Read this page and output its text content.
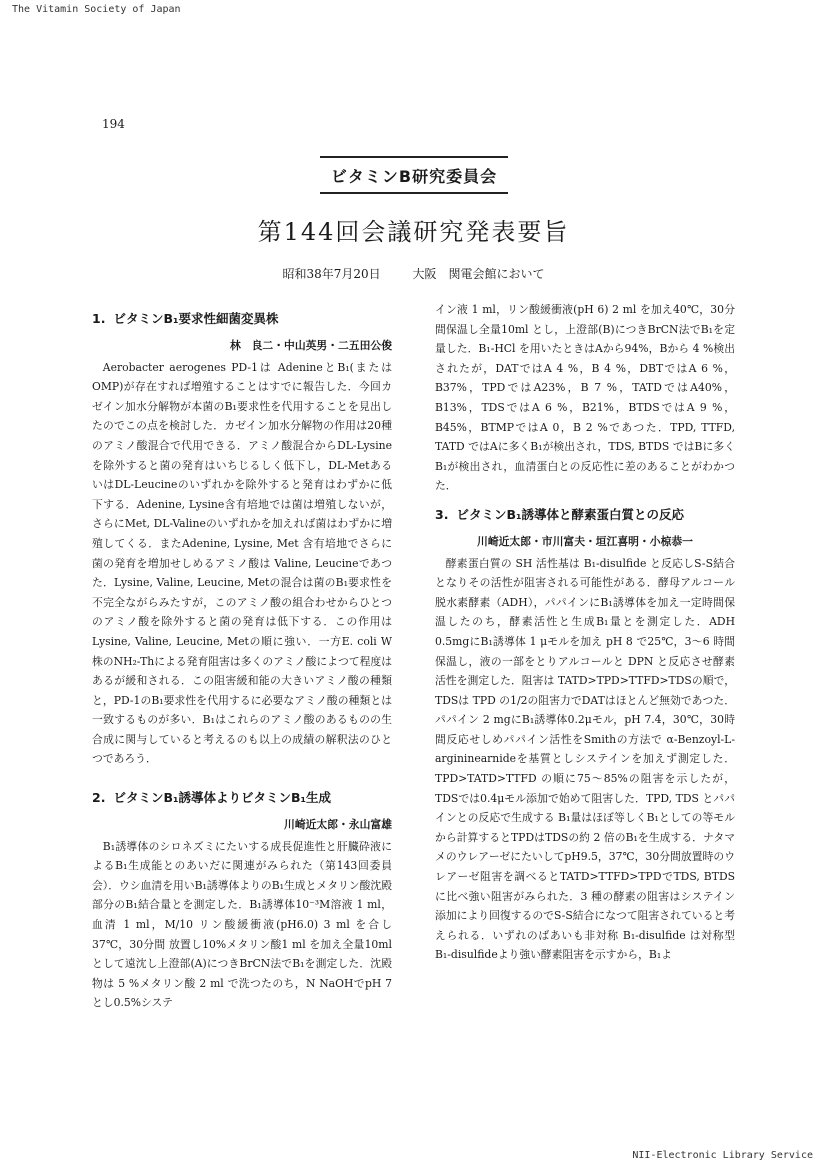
The Vitamin Society of Japan
194
ビタミンB研究委員会
第144回会議研究発表要旨
昭和38年7月20日	大阪　関電会館において
1. ビタミンB₁要求性細菌変異株
林　良二・中山英男・二五田公俊

Aerobacter aerogenes PD-1は AdenineとB₁(またはOMP)が存在すれば増殖することはすでに報告した．今回カゼイン加水分解物が本菌のB₁要求性を代用することを見出したのでこの点を検討した．カゼイン加水分解物の作用は20種のアミノ酸混合で代用できる．アミノ酸混合からDL-Lysineを除外すると菌の発育はいちじるしく低下し，DL-MetあるいはDL-Leucineのいずれかを除外すると発育はわずかに低下する．Adenine, Lysine含有培地では菌は増殖しないが，さらにMet, DL-Valineのいずれかを加えれば菌はわずかに増殖してくる．またAdenine, Lysine, Met 含有培地でさらに菌の発育を増加せしめるアミノ酸は Valine, Leucineであつた．Lysine, Valine, Leucine, Metの混合は菌のB₁要求性を不完全ながらみたすが，このアミノ酸の組合わせからひとつのアミノ酸を除外すると菌の発育は低下する．この作用は Lysine, Valine, Leucine, Metの順に強い．一方E. coli W株のNH₂-Thによる発育阻害は多くのアミノ酸によつて程度はあるが緩和される．この阻害緩和能の大きいアミノ酸の種類と，PD-1のB₁要求性を代用するに必要なアミノ酸の種類とは一致するものが多い．B₁はこれらのアミノ酸のあるものの生合成に関与していると考えるのも以上の成績の解釈法のひとつであろう．

2. ビタミンB₁誘導体よりビタミンB₁生成
川崎近太郎・永山富雄

B₁誘導体のシロネズミにたいする成長促進性と肝臓砕液によるB₁生成能とのあいだに関連がみられた（第143回委員会）．ウシ血清を用いB₁誘導体よりのB₁生成とメタリン酸沈殿部分のB₁結合量とを測定した．B₁誘導体10⁻³M溶液 1 ml，血清 1 ml，M/10 リン酸緩衝液(pH6.0) 3 ml を合し 37℃，30分間 放置し10%メタリン酸1 ml を加え全量10ml として遠沈し上澄部(A)につきBrCN法でB₁を測定した．沈殿物は 5 %メタリン酸 2 ml で洗つたのち，N NaOHでpH 7 とし0.5%システ

イン液 1 ml，リン酸緩衝液(pH 6) 2 ml を加え40℃，30分間保温し全量10ml とし，上澄部(B)につきBrCN法でB₁を定量した．B₁-HCl を用いたときはAから94%，Bから 4 %検出されたが，DATではA 4 %，B 4 %，DBTではA 6 %，B37%，TPDではA23%，B 7 %，TATDではA40%，B13%，TDSではA 6 %，B21%，BTDSではA 9 %，B45%，BTMPではA 0，B 2 %であつた．TPD, TTFD, TATD ではAに多くB₁が検出され，TDS, BTDS ではBに多くB₁が検出され，血清蛋白との反応性に差のあることがわかつた．

3. ビタミンB₁誘導体と酵素蛋白質との反応
川崎近太郎・市川富夫・垣江喜明・小椋恭一

酵素蛋白質の SH 活性基は B₁-disulfide と反応しS-S結合となりその活性が阻害される可能性がある．酵母アルコール脱水素酵素（ADH），パパインにB₁誘導体を加え一定時間保温したのち，酵素活性と生成B₁量とを測定した．ADH 0.5mgにB₁誘導体 1 μモルを加え pH 8 で25℃，3〜6 時間保温し，液の一部をとりアルコールと DPN と反応させ酵素活性を測定した．阻害は TATD>TPD>TTFD>TDSの順で，TDSは TPD の1/2の阻害力でDATはほとんど無効であつた．パパイン 2 mgにB₁誘導体0.2μモル，pH 7.4，30℃，30時間反応せしめパパイン活性をSmithの方法で α-Benzoyl-L-argininearnideを基質としシステインを加えず測定した．TPD>TATD>TTFD の順に75〜85%の阻害を示したが，TDSでは0.4μモル添加で始めて阻害した．TPD, TDS とパパインとの反応で生成する B₁量はほぼ等しくB₁としての等モルから計算するとTPDはTDSの約 2 倍のB₁を生成する．ナタマメのウレアーゼにたいしてpH9.5，37℃，30分間放置時のウレアーゼ阻害を調べるとTATD>TTFD>TPDでTDS, BTDSに比べ強い阻害がみられた．3 種の酵素の阻害はシステイン添加により回復するのでS-S結合になつて阻害されていると考えられる．いずれのばあいも非対称 B₁-disulfide は対称型B₁-disulfideより強い酵素阻害を示すから，B₁よ

NII-Electronic Library Service
